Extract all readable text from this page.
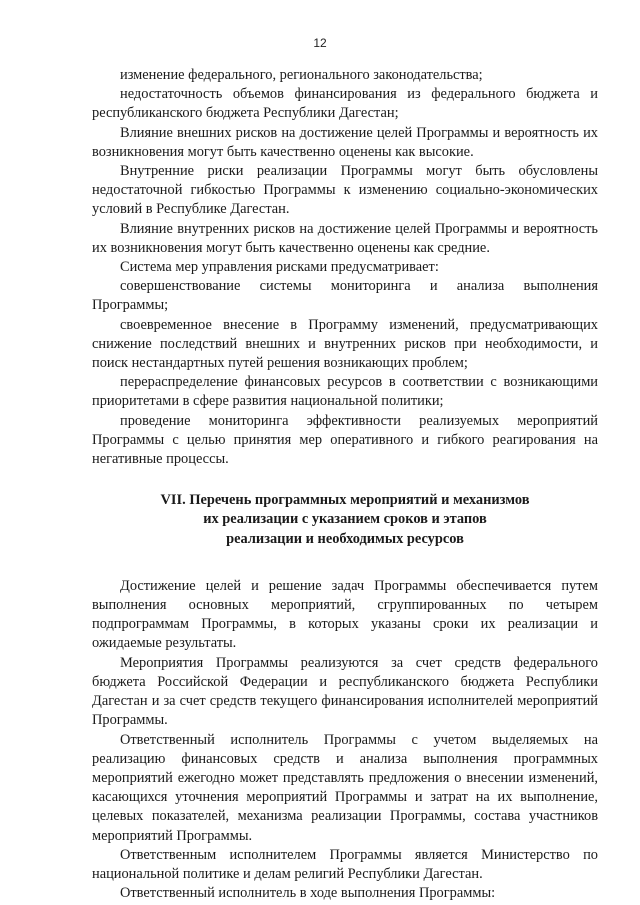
12

изменение федерального, регионального законодательства;

недостаточность объемов финансирования из федерального бюджета и республиканского бюджета Республики Дагестан;

Влияние внешних рисков на достижение целей Программы и вероятность их возникновения могут быть качественно оценены как высокие.

Внутренние риски реализации Программы могут быть обусловлены недостаточной гибкостью Программы к изменению социально-экономических условий в Республике Дагестан.

Влияние внутренних рисков на достижение целей Программы и вероятность их возникновения могут быть качественно оценены как средние.

Система мер управления рисками предусматривает:

совершенствование системы мониторинга и анализа выполнения Программы;

своевременное внесение в Программу изменений, предусматривающих снижение последствий внешних и внутренних рисков при необходимости, и поиск нестандартных путей решения возникающих проблем;

перераспределение финансовых ресурсов в соответствии с возникающими приоритетами в сфере развития национальной политики;

проведение мониторинга эффективности реализуемых мероприятий Программы с целью принятия мер оперативного и гибкого реагирования на негативные процессы.

VII. Перечень программных мероприятий и механизмов
их реализации с указанием сроков и этапов
реализации и необходимых ресурсов

Достижение целей и решение задач Программы обеспечивается путем выполнения основных мероприятий, сгруппированных по четырем подпрограммам Программы, в которых указаны сроки их реализации и ожидаемые результаты.

Мероприятия Программы реализуются за счет средств федерального бюджета Российской Федерации и республиканского бюджета Республики Дагестан и за счет средств текущего финансирования исполнителей мероприятий Программы.

Ответственный исполнитель Программы с учетом выделяемых на реализацию финансовых средств и анализа выполнения программных мероприятий ежегодно может представлять предложения о внесении изменений, касающихся уточнения мероприятий Программы и затрат на их выполнение, целевых показателей, механизма реализации Программы, состава участников мероприятий Программы.

Ответственным исполнителем Программы является Министерство по национальной политике и делам религий Республики Дагестан.

Ответственный исполнитель в ходе выполнения Программы:
